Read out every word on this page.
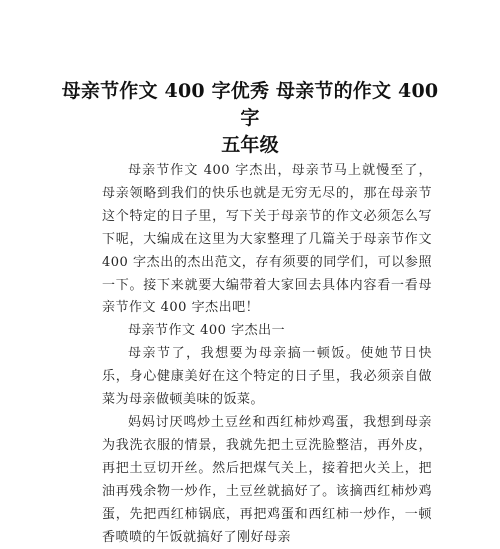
母亲节作文 400 字优秀 母亲节的作文 400 字
五年级

母亲节作文 400 字杰出，母亲节马上就慢至了，母亲领略到我们的快乐也就是无穷无尽的，那在母亲节这个特定的日子里，写下关于母亲节的作文必须怎么写下呢，大编成在这里为大家整理了几篇关于母亲节作文 400 字杰出的杰出范文，存有须要的同学们，可以参照一下。接下来就要大编带着大家回去具体内容看一看母亲节作文 400 字杰出吧！

母亲节作文 400 字杰出一

母亲节了，我想要为母亲搞一顿饭。使她节日快乐，身心健康美好在这个特定的日子里，我必须亲自做菜为母亲做顿美味的饭菜。

妈妈讨厌鸣炒土豆丝和西红柿炒鸡蛋，我想到母亲为我洗衣服的情景，我就先把土豆洗脸整洁，再外皮，再把土豆切开丝。然后把煤气关上，接着把火关上，把油再残余物一炒作，土豆丝就搞好了。该摘西红柿炒鸡蛋，先把西红柿锅底，再把鸡蛋和西红柿一炒作，一顿香喷喷的午饭就搞好了刚好母亲
